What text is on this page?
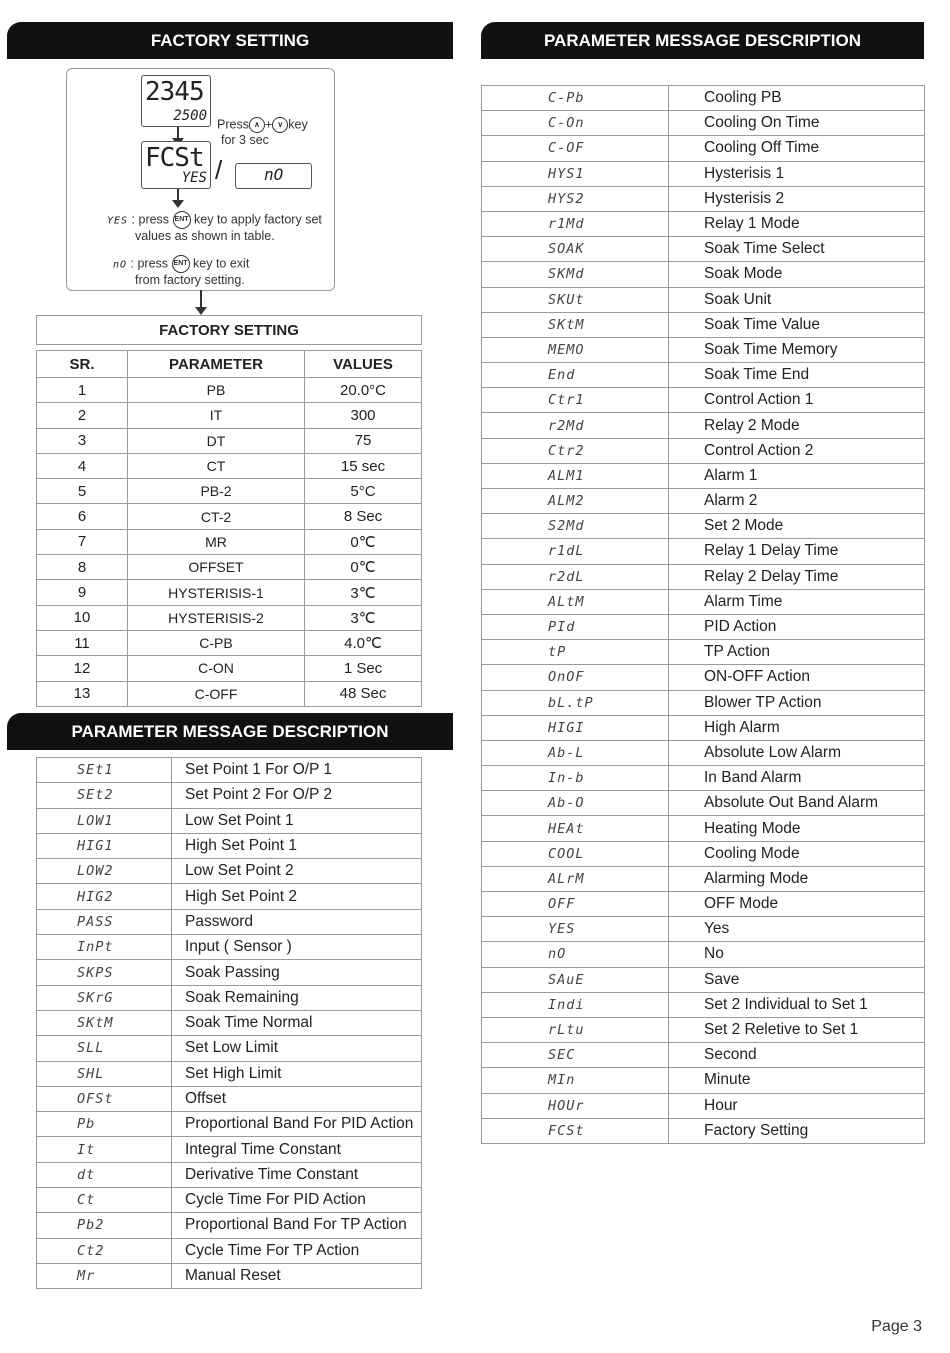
FACTORY SETTING	PARAMETER MESSAGE DESCRIPTION
PARAMETER MESSAGE DESCRIPTION
2345
2500
Press ∧ + ∨ key
for 3 sec
FCSt
YES /	nO
YES : press ENT key to apply factory set
values as shown in table.
nO : press ENT key to exit
from factory setting.
FACTORY SETTING		

SR.	PARAMETER	VALUES
1	PB	20.0°C
2	IT	300
3	DT	75
4	CT	15 sec
5	PB-2	5°C
6	CT-2	8 Sec
7	MR	0℃
8	OFFSET	0℃
9	HYSTERISIS-1	3℃
10	HYSTERISIS-2	3℃
11	C-PB	4.0℃
12	C-ON	1 Sec
13	C-OFF	48 Sec
SEt1	Set Point 1 For O/P 1
SEt2	Set Point 2 For O/P 2
LOW1	Low Set Point 1
HIG1	High Set Point 1
LOW2	Low Set Point 2
HIG2	High Set Point 2
PASS	Password
InPt	Input ( Sensor )
SKPS	Soak Passing
SKrG	Soak Remaining
SKtM	Soak Time Normal
SLL	Set Low Limit
SHL	Set High Limit
OFSt	Offset
Pb	Proportional Band For PID Action
It	Integral Time Constant
dt	Derivative Time Constant
Ct	Cycle Time For PID Action
Pb2	Proportional Band For TP Action
Ct2	Cycle Time For TP Action
Mr	Manual Reset
C-Pb	Cooling PB
C-On	Cooling On Time
C-OF	Cooling Off Time
HYS1	Hysterisis 1
HYS2	Hysterisis 2
r1Md	Relay 1 Mode
SOAK	Soak Time Select
SKMd	Soak Mode
SKUt	Soak Unit
SKtM	Soak Time Value
MEMO	Soak Time Memory
End	Soak Time End
Ctr1	Control Action 1
r2Md	Relay 2 Mode
Ctr2	Control Action 2
ALM1	Alarm 1
ALM2	Alarm 2
S2Md	Set 2 Mode
r1dL	Relay 1 Delay Time
r2dL	Relay 2 Delay Time
ALtM	Alarm Time
PId	PID Action
tP	TP Action
OnOF	ON-OFF Action
bL.tP	Blower TP Action
HIGI	High Alarm
Ab-L	Absolute Low Alarm
In-b	In Band Alarm
Ab-O	Absolute Out Band Alarm
HEAt	Heating Mode
COOL	Cooling Mode
ALrM	Alarming Mode
OFF	OFF Mode
YES	Yes
nO	No
SAuE	Save
Indi	Set 2 Individual to Set 1
rLtu	Set 2 Reletive to Set 1
SEC	Second
MIn	Minute
HOUr	Hour
FCSt	Factory Setting
Page 3
